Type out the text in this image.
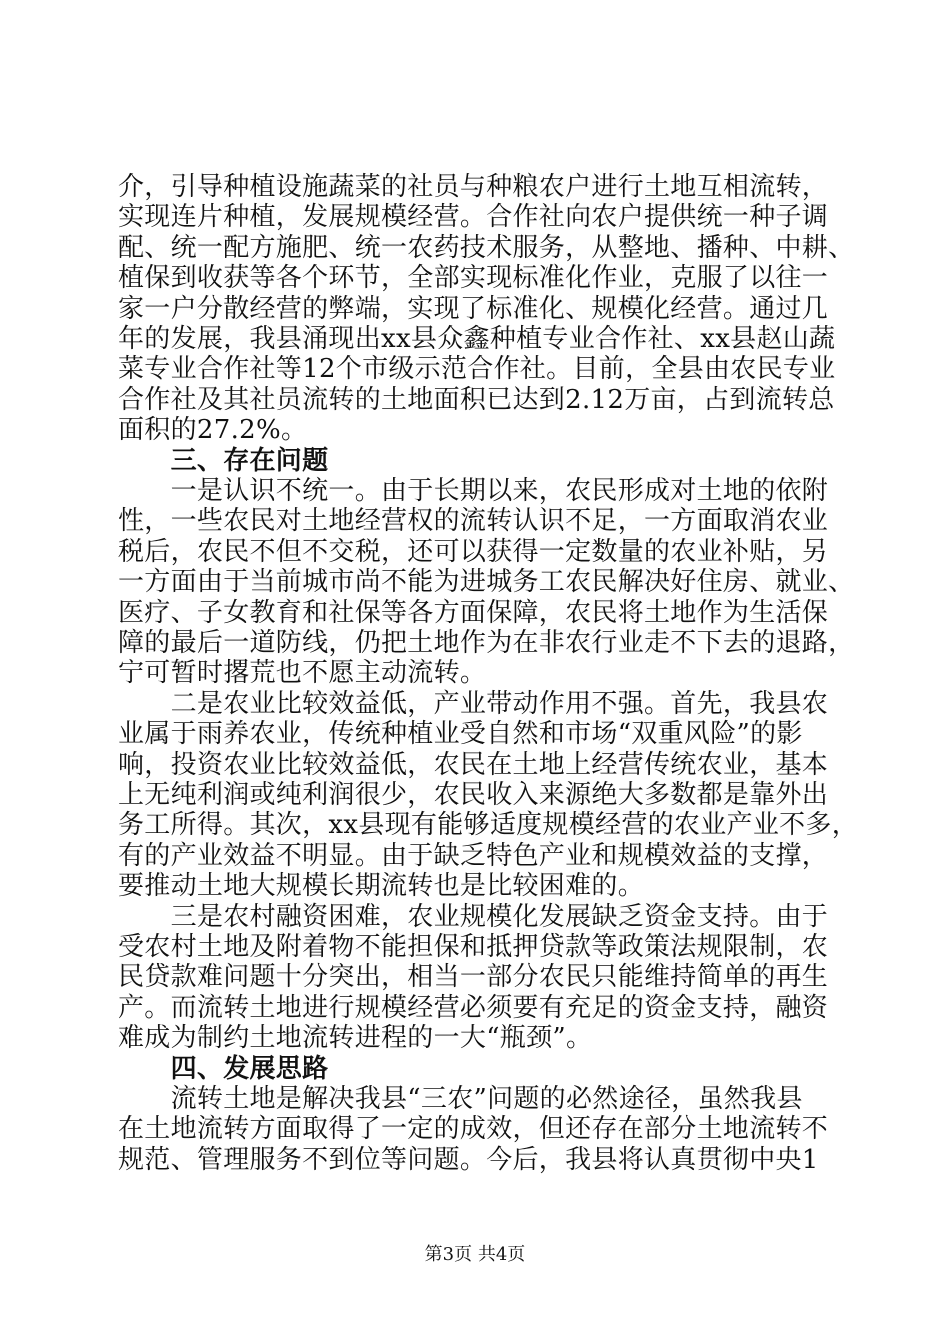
介，引导种植设施蔬菜的社员与种粮农户进行土地互相流转，
实现连片种植，发展规模经营。合作社向农户提供统一种子调
配、统一配方施肥、统一农药技术服务，从整地、播种、中耕、
植保到收获等各个环节，全部实现标准化作业，克服了以往一
家一户分散经营的弊端，实现了标准化、规模化经营。通过几
年的发展，我县涌现出xx县众鑫种植专业合作社、xx县赵山蔬
菜专业合作社等12个市级示范合作社。目前，全县由农民专业
合作社及其社员流转的土地面积已达到2.12万亩，占到流转总
面积的27.2%。
　　三、存在问题
　　一是认识不统一。由于长期以来，农民形成对土地的依附
性，一些农民对土地经营权的流转认识不足，一方面取消农业
税后，农民不但不交税，还可以获得一定数量的农业补贴，另
一方面由于当前城市尚不能为进城务工农民解决好住房、就业、
医疗、子女教育和社保等各方面保障，农民将土地作为生活保
障的最后一道防线，仍把土地作为在非农行业走不下去的退路，
宁可暂时撂荒也不愿主动流转。
　　二是农业比较效益低，产业带动作用不强。首先，我县农
业属于雨养农业，传统种植业受自然和市场“双重风险”的影
响，投资农业比较效益低，农民在土地上经营传统农业，基本
上无纯利润或纯利润很少，农民收入来源绝大多数都是靠外出
务工所得。其次，xx县现有能够适度规模经营的农业产业不多，
有的产业效益不明显。由于缺乏特色产业和规模效益的支撑，
要推动土地大规模长期流转也是比较困难的。
　　三是农村融资困难，农业规模化发展缺乏资金支持。由于
受农村土地及附着物不能担保和抵押贷款等政策法规限制，农
民贷款难问题十分突出，相当一部分农民只能维持简单的再生
产。而流转土地进行规模经营必须要有充足的资金支持，融资
难成为制约土地流转进程的一大“瓶颈”。
　　四、发展思路
　　流转土地是解决我县“三农”问题的必然途径，虽然我县
在土地流转方面取得了一定的成效，但还存在部分土地流转不
规范、管理服务不到位等问题。今后，我县将认真贯彻中央1
第3页 共4页
